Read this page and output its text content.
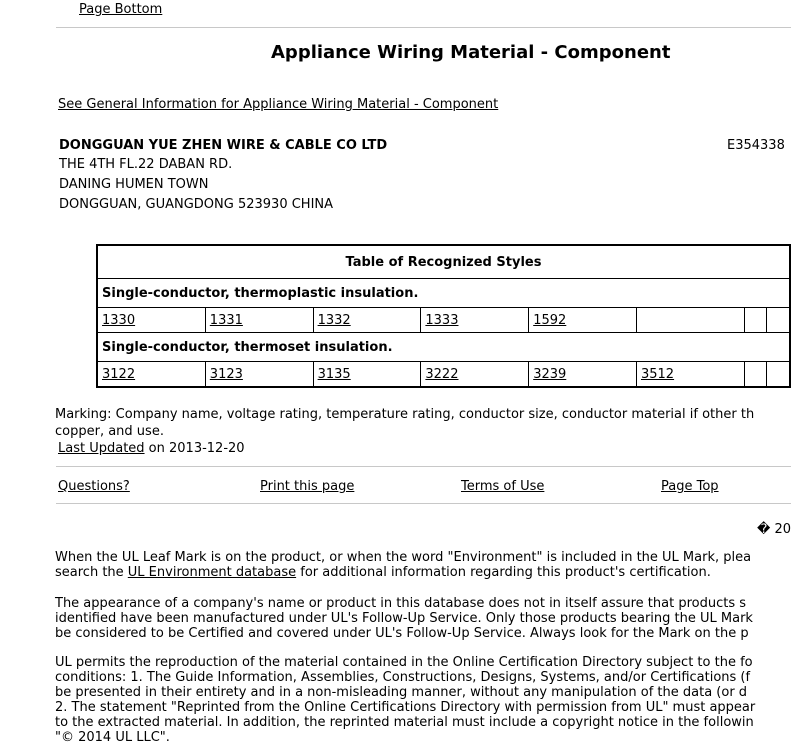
Page Bottom
Appliance Wiring Material - Component
See General Information for Appliance Wiring Material - Component
DONGGUAN YUE ZHEN WIRE & CABLE CO LTD	E354338
THE 4TH FL.22 DABAN RD.
DANING HUMEN TOWN
DONGGUAN, GUANGDONG 523930 CHINA
Table of Recognized Styles							
Single-conductor, thermoplastic insulation.							
1330	1331	1332	1333	1592			
Single-conductor, thermoset insulation.							
3122	3123	3135	3222	3239	3512		
Marking: Company name, voltage rating, temperature rating, conductor size, conductor material if other th
copper, and use.
Last Updated on 2013-12-20
Questions?	Print this page	Terms of Use	Page Top
� 20
When the UL Leaf Mark is on the product, or when the word "Environment" is included in the UL Mark, plea
search the UL Environment database for additional information regarding this product's certification.
The appearance of a company's name or product in this database does not in itself assure that products s
identified have been manufactured under UL's Follow-Up Service. Only those products bearing the UL Mark
be considered to be Certified and covered under UL's Follow-Up Service. Always look for the Mark on the p
UL permits the reproduction of the material contained in the Online Certification Directory subject to the fo
conditions: 1. The Guide Information, Assemblies, Constructions, Designs, Systems, and/or Certifications (f
be presented in their entirety and in a non-misleading manner, without any manipulation of the data (or d
2. The statement "Reprinted from the Online Certifications Directory with permission from UL" must appear
to the extracted material. In addition, the reprinted material must include a copyright notice in the followin
"© 2014 UL LLC".
